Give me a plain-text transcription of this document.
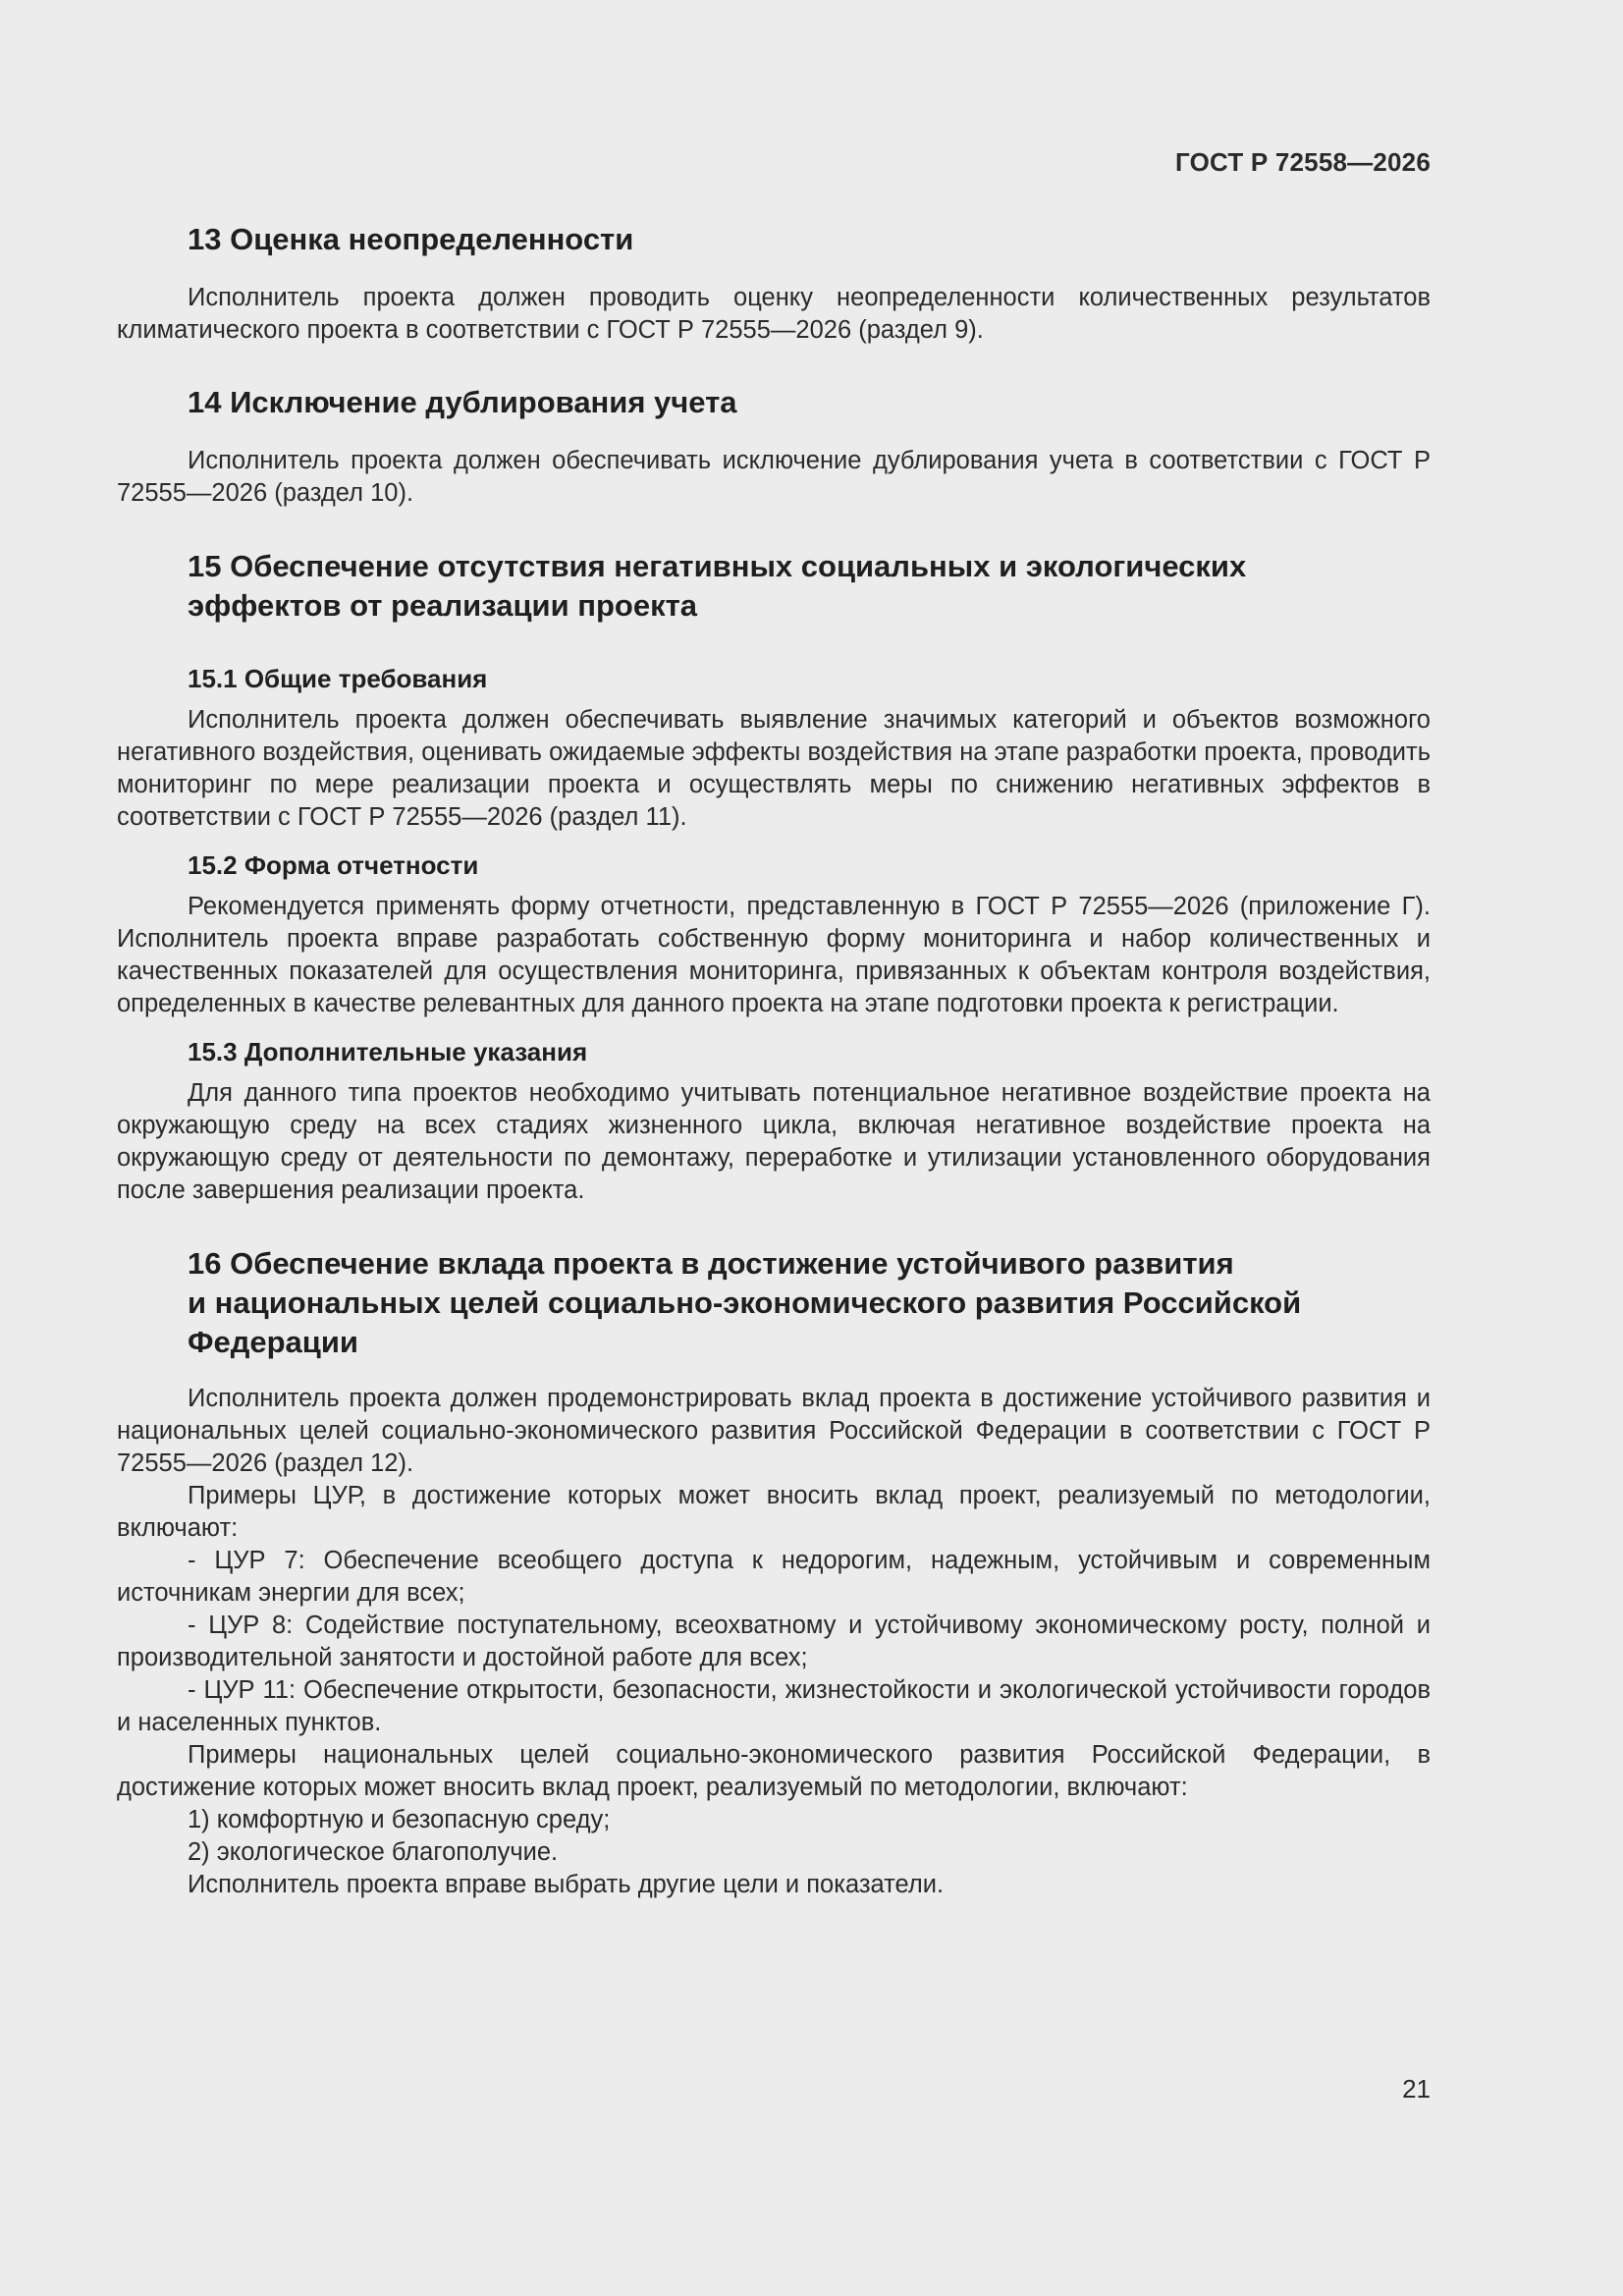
ГОСТ Р 72558—2026
13 Оценка неопределенности

Исполнитель проекта должен проводить оценку неопределенности количественных результатов климатического проекта в соответствии с ГОСТ Р 72555—2026 (раздел 9).

14 Исключение дублирования учета

Исполнитель проекта должен обеспечивать исключение дублирования учета в соответствии с ГОСТ Р 72555—2026 (раздел 10).

15 Обеспечение отсутствия негативных социальных и экологических
эффектов от реализации проекта
15.1 Общие требования

Исполнитель проекта должен обеспечивать выявление значимых категорий и объектов возможного негативного воздействия, оценивать ожидаемые эффекты воздействия на этапе разработки проекта, проводить мониторинг по мере реализации проекта и осуществлять меры по снижению негативных эффектов в соответствии с ГОСТ Р 72555—2026 (раздел 11).

15.2 Форма отчетности

Рекомендуется применять форму отчетности, представленную в ГОСТ Р 72555—2026 (приложение Г). Исполнитель проекта вправе разработать собственную форму мониторинга и набор количественных и качественных показателей для осуществления мониторинга, привязанных к объектам контроля воздействия, определенных в качестве релевантных для данного проекта на этапе подготовки проекта к регистрации.

15.3 Дополнительные указания

Для данного типа проектов необходимо учитывать потенциальное негативное воздействие проекта на окружающую среду на всех стадиях жизненного цикла, включая негативное воздействие проекта на окружающую среду от деятельности по демонтажу, переработке и утилизации установленного оборудования после завершения реализации проекта.

16 Обеспечение вклада проекта в достижение устойчивого развития
и национальных целей социально-экономического развития Российской
Федерации

Исполнитель проекта должен продемонстрировать вклад проекта в достижение устойчивого развития и национальных целей социально-экономического развития Российской Федерации в соответствии с ГОСТ Р 72555—2026 (раздел 12).

Примеры ЦУР, в достижение которых может вносить вклад проект, реализуемый по методологии, включают:

- ЦУР 7: Обеспечение всеобщего доступа к недорогим, надежным, устойчивым и современным источникам энергии для всех;

- ЦУР 8: Содействие поступательному, всеохватному и устойчивому экономическому росту, полной и производительной занятости и достойной работе для всех;

- ЦУР 11: Обеспечение открытости, безопасности, жизнестойкости и экологической устойчивости городов и населенных пунктов.

Примеры национальных целей социально-экономического развития Российской Федерации, в достижение которых может вносить вклад проект, реализуемый по методологии, включают:

1) комфортную и безопасную среду;

2) экологическое благополучие.

Исполнитель проекта вправе выбрать другие цели и показатели.

21
